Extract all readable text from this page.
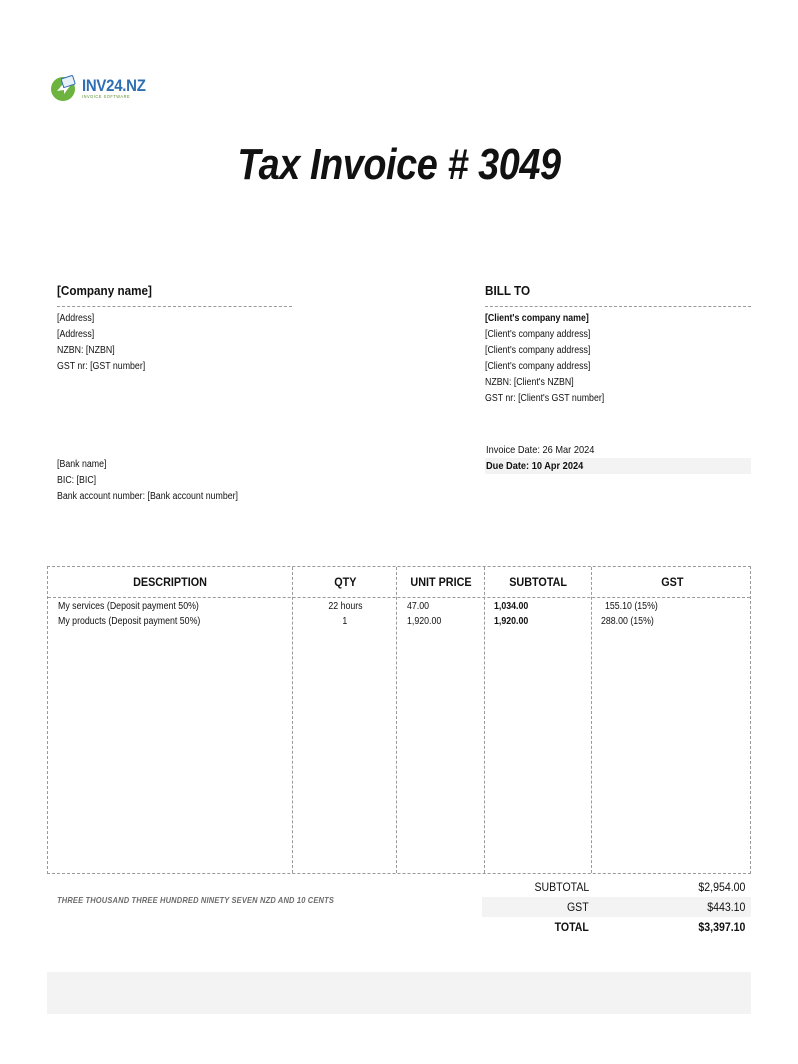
INV24.NZ
INVOICE SOFTWARE
Tax Invoice # 3049
[Company name]
[Address]
[Address]
NZBN: [NZBN]
GST nr: [GST number]
BILL TO
[Client's company name]
[Client's company address]
[Client's company address]
[Client's company address]
NZBN: [Client's NZBN]
GST nr: [Client's GST number]
Invoice Date: 26 Mar 2024
Due Date: 10 Apr 2024
[Bank name]
BIC: [BIC]
Bank account number: [Bank account number]
DESCRIPTION	QTY	UNIT PRICE	SUBTOTAL	GST
My services (Deposit payment 50%)	22 hours	47.00	1,034.00	155.10 (15%)
My products (Deposit payment 50%)	1	1,920.00	1,920.00	288.00 (15%)
THREE THOUSAND THREE HUNDRED NINETY SEVEN NZD AND 10 CENTS
SUBTOTAL	$2,954.00
GST	$443.10
TOTAL	$3,397.10
